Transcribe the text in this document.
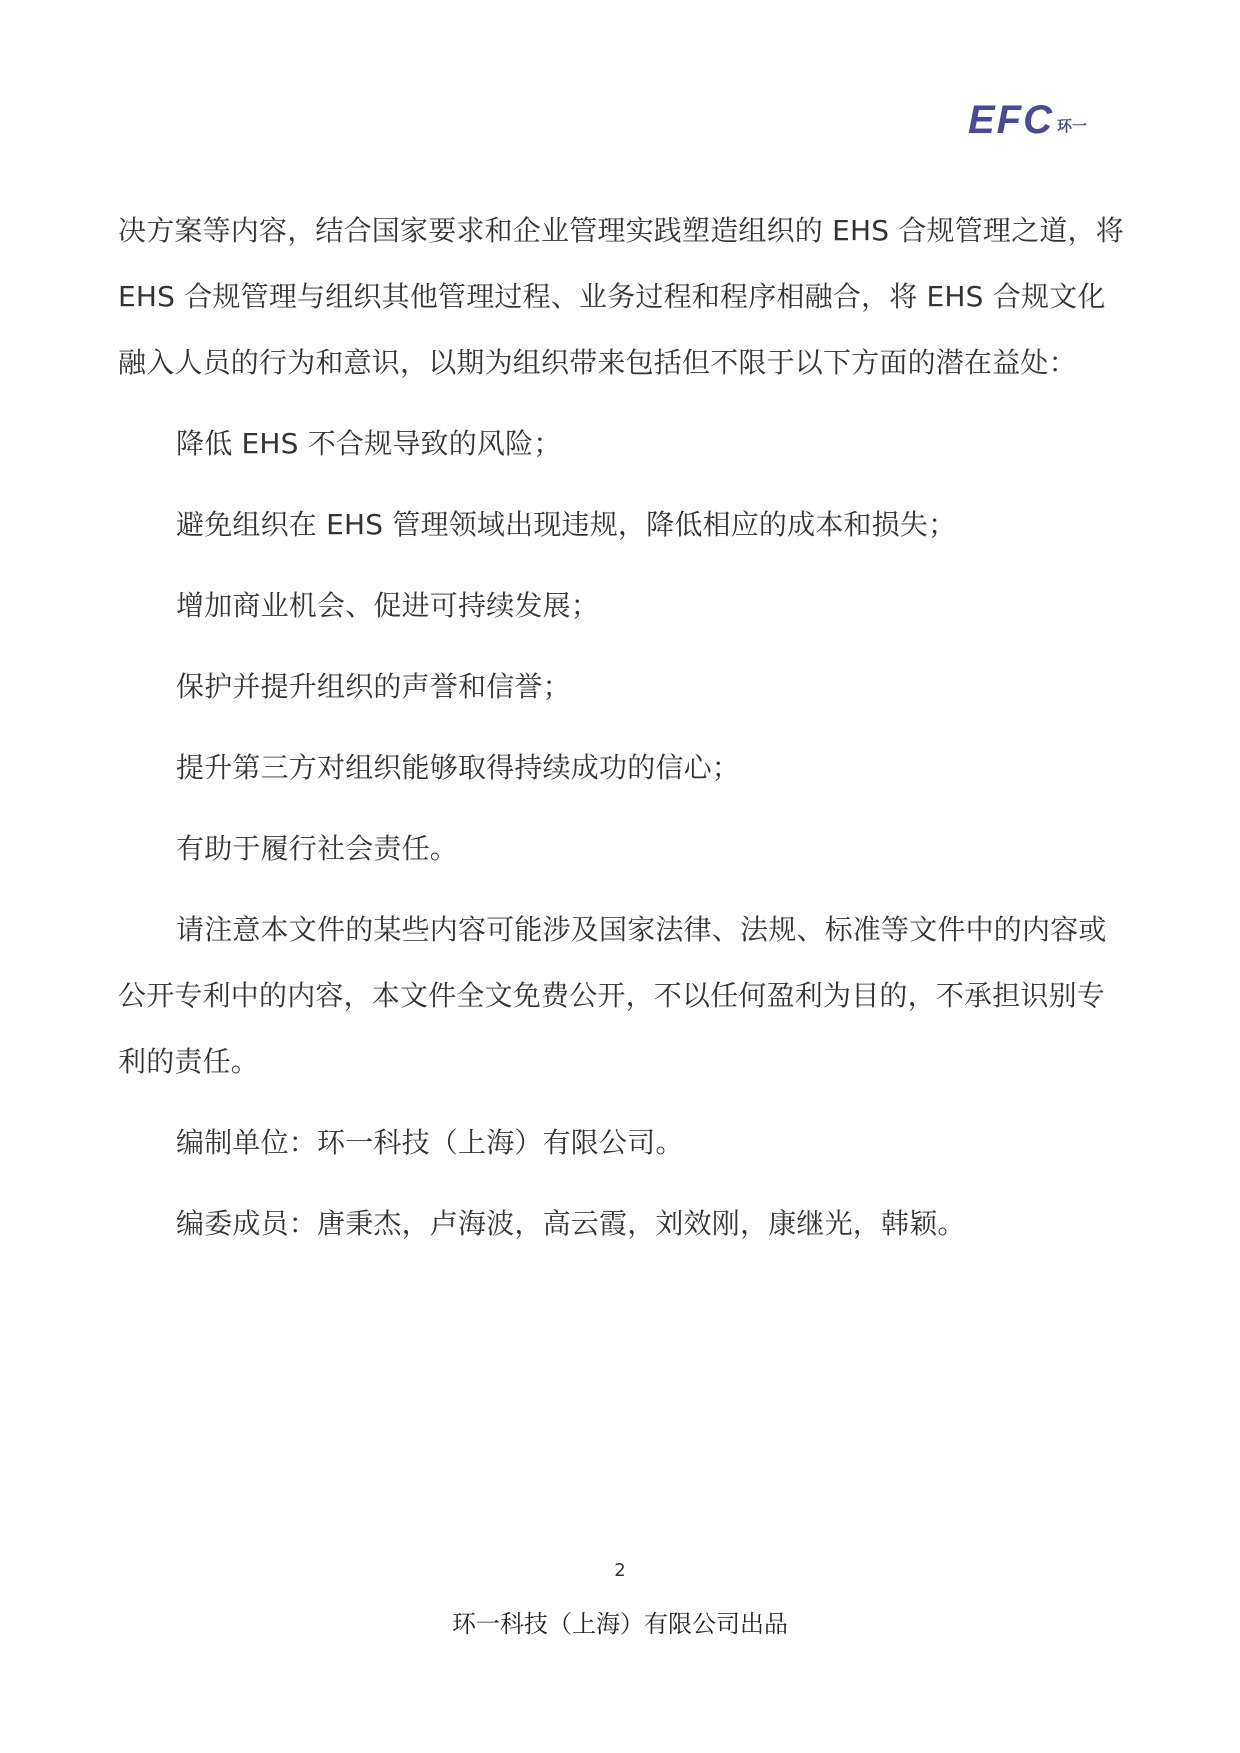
EFC 环一

决方案等内容，结合国家要求和企业管理实践塑造组织的 EHS 合规管理之道，将 EHS 合规管理与组织其他管理过程、业务过程和程序相融合，将 EHS 合规文化融入人员的行为和意识，以期为组织带来包括但不限于以下方面的潜在益处：

降低 EHS 不合规导致的风险；

避免组织在 EHS 管理领域出现违规，降低相应的成本和损失；

增加商业机会、促进可持续发展；

保护并提升组织的声誉和信誉；

提升第三方对组织能够取得持续成功的信心；

有助于履行社会责任。

请注意本文件的某些内容可能涉及国家法律、法规、标准等文件中的内容或公开专利中的内容，本文件全文免费公开，不以任何盈利为目的，不承担识别专利的责任。

编制单位：环一科技（上海）有限公司。

编委成员：唐秉杰，卢海波，高云霞，刘效刚，康继光，韩颖。

2
环一科技（上海）有限公司出品
